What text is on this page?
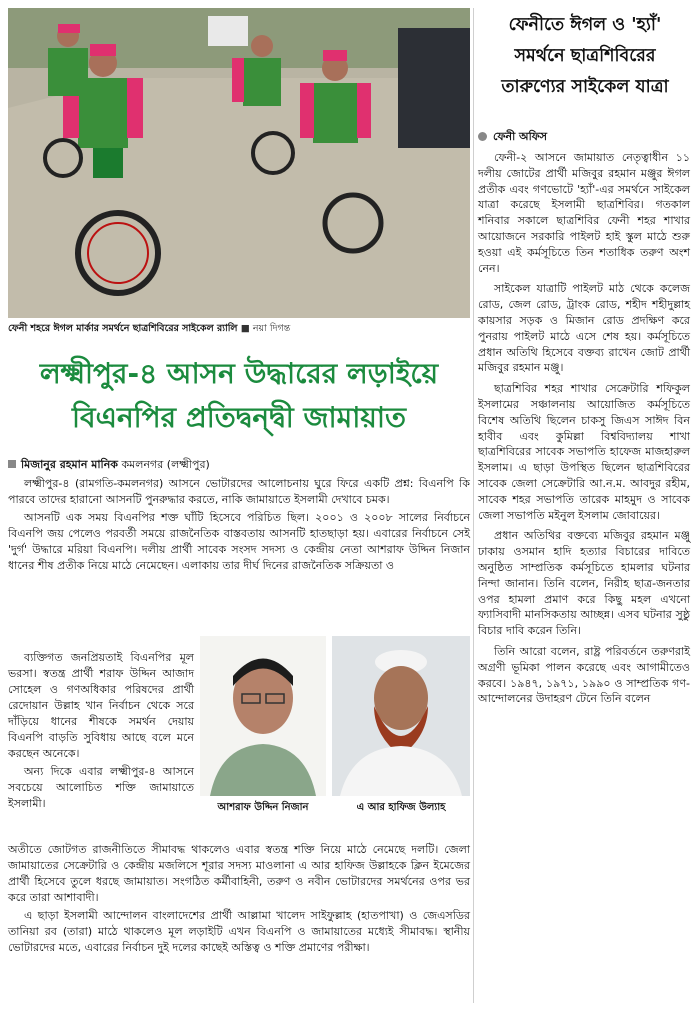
ফেনী শহরে ঈগল মার্কার সমর্থনে ছাত্রশিবিরের সাইকেল র‍্যালি ■ নয়া দিগন্ত
ফেনীতে ঈগল ও 'হ্যাঁ'
সমর্থনে ছাত্রশিবিরের
তারুণ্যের সাইকেল যাত্রা
ফেনী অফিস

ফেনী-২ আসনে জামায়াত নেতৃত্বাধীন ১১ দলীয় জোটের প্রার্থী মজিবুর রহমান মঞ্জুর ঈগল প্রতীক এবং গণভোটে 'হ্যাঁ'-এর সমর্থনে সাইকেল যাত্রা করেছে ইসলামী ছাত্রশিবির। গতকাল শনিবার সকালে ছাত্রশিবির ফেনী শহর শাখার আয়োজনে সরকারি পাইলট হাই স্কুল মাঠে শুরু হওয়া এই কর্মসূচিতে তিন শতাধিক তরুণ অংশ নেন।

সাইকেল যাত্রাটি পাইলট মাঠ থেকে কলেজ রোড, জেল রোড, ট্রাংক রোড, শহীদ শহীদুল্লাহ কায়সার সড়ক ও মিজান রোড প্রদক্ষিণ করে পুনরায় পাইলট মাঠে এসে শেষ হয়। কর্মসূচিতে প্রধান অতিথি হিসেবে বক্তব্য রাখেন জোট প্রার্থী মজিবুর রহমান মঞ্জু।

ছাত্রশিবির শহর শাখার সেক্রেটারি শফিকুল ইসলামের সঞ্চালনায় আয়োজিত কর্মসূচিতে বিশেষ অতিথি ছিলেন চাকসু জিএস সাঈদ বিন হাবীব এবং কুমিল্লা বিশ্ববিদ্যালয় শাখা ছাত্রশিবিরের সাবেক সভাপতি হাফেজ মাজহারুল ইসলাম। এ ছাড়া উপস্থিত ছিলেন ছাত্রশিবিরের সাবেক জেলা সেক্রেটারি আ.ন.ম. আবদুর রহীম, সাবেক শহর সভাপতি তারেক মাহমুদ ও সাবেক জেলা সভাপতি মইনুল ইসলাম জোবায়ের।

প্রধান অতিথির বক্তব্যে মজিবুর রহমান মঞ্জু ঢাকায় ওসমান হাদি হত্যার বিচারের দাবিতে অনুষ্ঠিত সাম্প্রতিক কর্মসূচিতে হামলার ঘটনার নিন্দা জানান। তিনি বলেন, নিরীহ ছাত্র-জনতার ওপর হামলা প্রমাণ করে কিছু মহল এখনো ফ্যাসিবাদী মানসিকতায় আচ্ছন্ন। এসব ঘটনার সুষ্ঠু বিচার দাবি করেন তিনি।

তিনি আরো বলেন, রাষ্ট্র পরিবর্তনে তরুণরাই অগ্রণী ভূমিকা পালন করেছে এবং আগামীতেও করবে। ১৯৪৭, ১৯৭১, ১৯৯০ ও সাম্প্রতিক গণ-আন্দোলনের উদাহরণ টেনে তিনি বলেন

লক্ষ্মীপুর-৪ আসন উদ্ধারের লড়াইয়ে
বিএনপির প্রতিদ্বন্দ্বী জামায়াত
মিজানুর রহমান মানিক কমলনগর (লক্ষ্মীপুর)

লক্ষ্মীপুর-৪ (রামগতি-কমলনগর) আসনে ভোটারদের আলোচনায় ঘুরে ফিরে একটি প্রশ্ন: বিএনপি কি পারবে তাদের হারানো আসনটি পুনরুদ্ধার করতে, নাকি জামায়াতে ইসলামী দেখাবে চমক।

আসনটি এক সময় বিএনপির শক্ত ঘাঁটি হিসেবে পরিচিত ছিল। ২০০১ ও ২০০৮ সালের নির্বাচনে বিএনপি জয় পেলেও পরবর্তী সময়ে রাজনৈতিক বাস্তবতায় আসনটি হাতছাড়া হয়। এবারের নির্বাচনে সেই 'দুর্গ' উদ্ধারে মরিয়া বিএনপি। দলীয় প্রার্থী সাবেক সংসদ সদস্য ও কেন্দ্রীয় নেতা আশরাফ উদ্দিন নিজান ধানের শীষ প্রতীক নিয়ে মাঠে নেমেছেন। এলাকায় তার দীর্ঘ দিনের রাজনৈতিক সক্রিয়তা ও

ব্যক্তিগত জনপ্রিয়তাই বিএনপির মূল ভরসা। স্বতন্ত্র প্রার্থী শরাফ উদ্দিন আজাদ সোহেল ও গণঅধিকার পরিষদের প্রার্থী রেদোয়ান উল্লাহ খান নির্বাচন থেকে সরে দাঁড়িয়ে ধানের শীষকে সমর্থন দেয়ায় বিএনপি বাড়তি সুবিধায় আছে বলে মনে করছেন অনেকে।

অন্য দিকে এবার লক্ষ্মীপুর-৪ আসনে সবচেয়ে আলোচিত শক্তি জামায়াতে ইসলামী।	আশরাফ উদ্দিন নিজান	এ আর হাফিজ উল্যাহ

অতীতে জোটগত রাজনীতিতে সীমাবদ্ধ থাকলেও এবার স্বতন্ত্র শক্তি নিয়ে মাঠে নেমেছে দলটি। জেলা জামায়াতের সেক্রেটারি ও কেন্দ্রীয় মজলিসে শূরার সদস্য মাওলানা এ আর হাফিজ উল্লাহকে ক্লিন ইমেজের প্রার্থী হিসেবে তুলে ধরছে জামায়াত। সংগঠিত কর্মীবাহিনী, তরুণ ও নবীন ভোটারদের সমর্থনের ওপর ভর করে তারা আশাবাদী।

এ ছাড়া ইসলামী আন্দোলন বাংলাদেশের প্রার্থী আল্লামা খালেদ সাইফুল্লাহ (হাতপাখা) ও জেএসডির তানিয়া রব (তারা) মাঠে থাকলেও মূল লড়াইটি এখন বিএনপি ও জামায়াতের মধ্যেই সীমাবদ্ধ। স্থানীয় ভোটারদের মতে, এবারের নির্বাচন দুই দলের কাছেই অস্তিত্ব ও শক্তি প্রমাণের পরীক্ষা।
